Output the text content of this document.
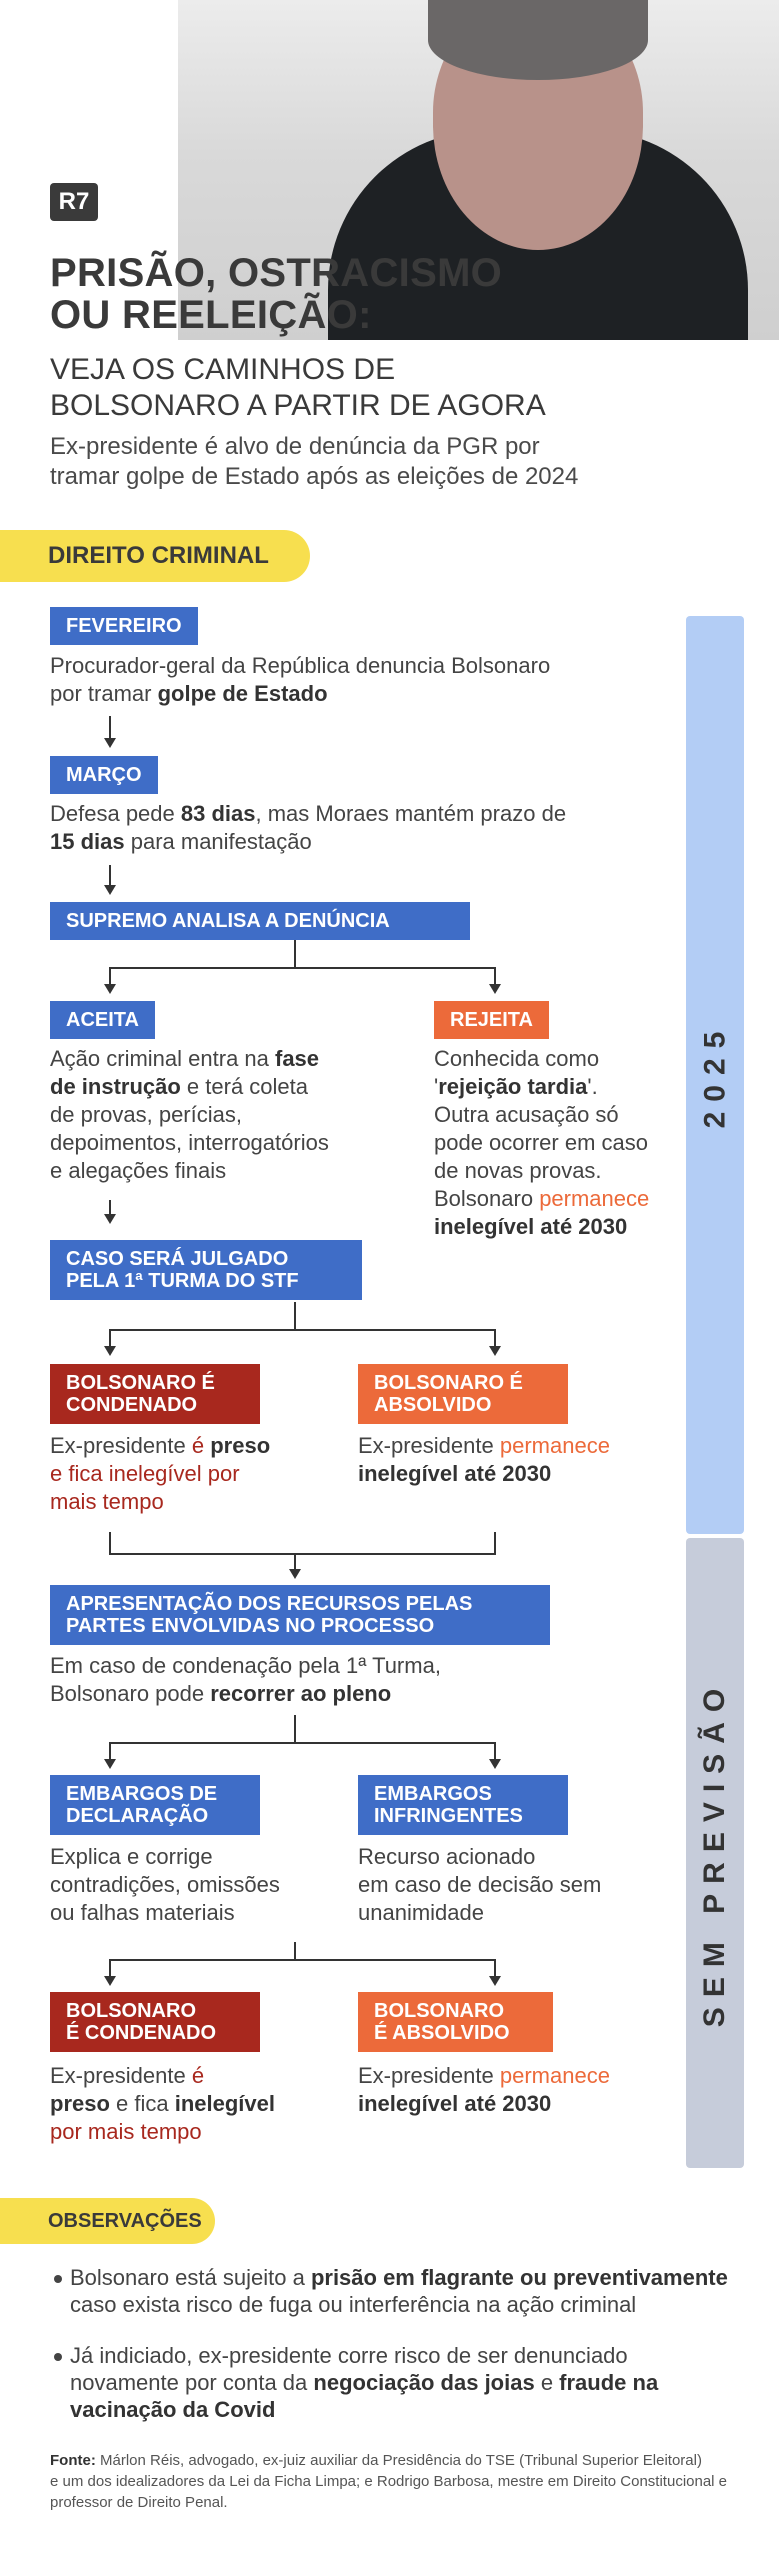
R7
PRISÃO, OSTRACISMO
OU REELEIÇÃO:
VEJA OS CAMINHOS DE
BOLSONARO A PARTIR DE AGORA
Ex-presidente é alvo de denúncia da PGR por
tramar golpe de Estado após as eleições de 2024
DIREITO CRIMINAL
2025
SEM PREVISÃO
FEVEREIRO
Procurador-geral da República denuncia Bolsonaro
por tramar golpe de Estado
MARÇO
Defesa pede 83 dias, mas Moraes mantém prazo de
15 dias para manifestação
SUPREMO ANALISA A DENÚNCIA
ACEITA
Ação criminal entra na fase
de instrução e terá coleta
de provas, perícias,
depoimentos, interrogatórios
e alegações finais
REJEITA
Conhecida como
'rejeição tardia'.
Outra acusação só
pode ocorrer em caso
de novas provas.
Bolsonaro permanece
inelegível até 2030
CASO SERÁ JULGADO
PELA 1ª TURMA DO STF
BOLSONARO É
CONDENADO
Ex-presidente é preso
e fica inelegível por
mais tempo
BOLSONARO É
ABSOLVIDO
Ex-presidente permanece
inelegível até 2030
APRESENTAÇÃO DOS RECURSOS PELAS
PARTES ENVOLVIDAS NO PROCESSO
Em caso de condenação pela 1ª Turma,
Bolsonaro pode recorrer ao pleno
EMBARGOS DE
DECLARAÇÃO
Explica e corrige
contradições, omissões
ou falhas materiais
EMBARGOS
INFRINGENTES
Recurso acionado
em caso de decisão sem
unanimidade
BOLSONARO
É CONDENADO
Ex-presidente é
preso e fica inelegível
por mais tempo
BOLSONARO
É ABSOLVIDO
Ex-presidente permanece
inelegível até 2030
OBSERVAÇÕES
Bolsonaro está sujeito a prisão em flagrante ou preventivamente
caso exista risco de fuga ou interferência na ação criminal
Já indiciado, ex-presidente corre risco de ser denunciado
novamente por conta da negociação das joias e fraude na
vacinação da Covid
Fonte: Márlon Réis, advogado, ex-juiz auxiliar da Presidência do TSE (Tribunal Superior Eleitoral)
e um dos idealizadores da Lei da Ficha Limpa; e Rodrigo Barbosa, mestre em Direito Constitucional e
professor de Direito Penal.
